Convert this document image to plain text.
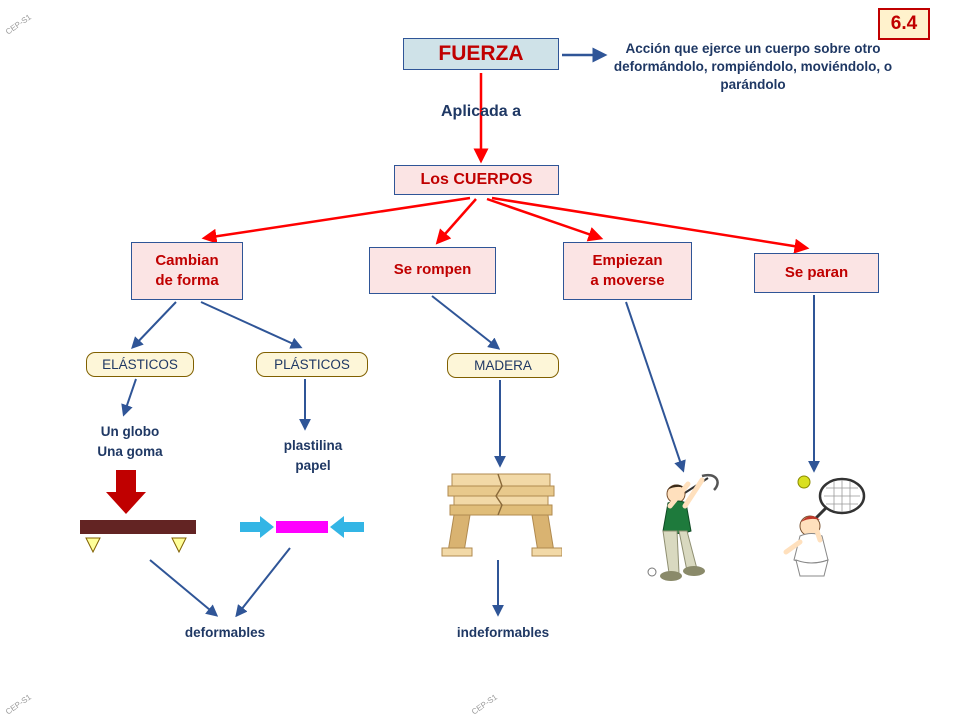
6.4
FUERZA	Acción que ejerce un cuerpo sobre otro deformándolo, rompiéndolo, moviéndolo, o parándolo
Aplicada a
Los CUERPOS
Cambian
de forma
Se rompen
Empiezan
a moverse	Se paran
ELÁSTICOS	PLÁSTICOS	MADERA
Un globo
Una goma	plastilina
papel
deformables	indeformables
CEP-S1
CEP-S1	CEP-S1
